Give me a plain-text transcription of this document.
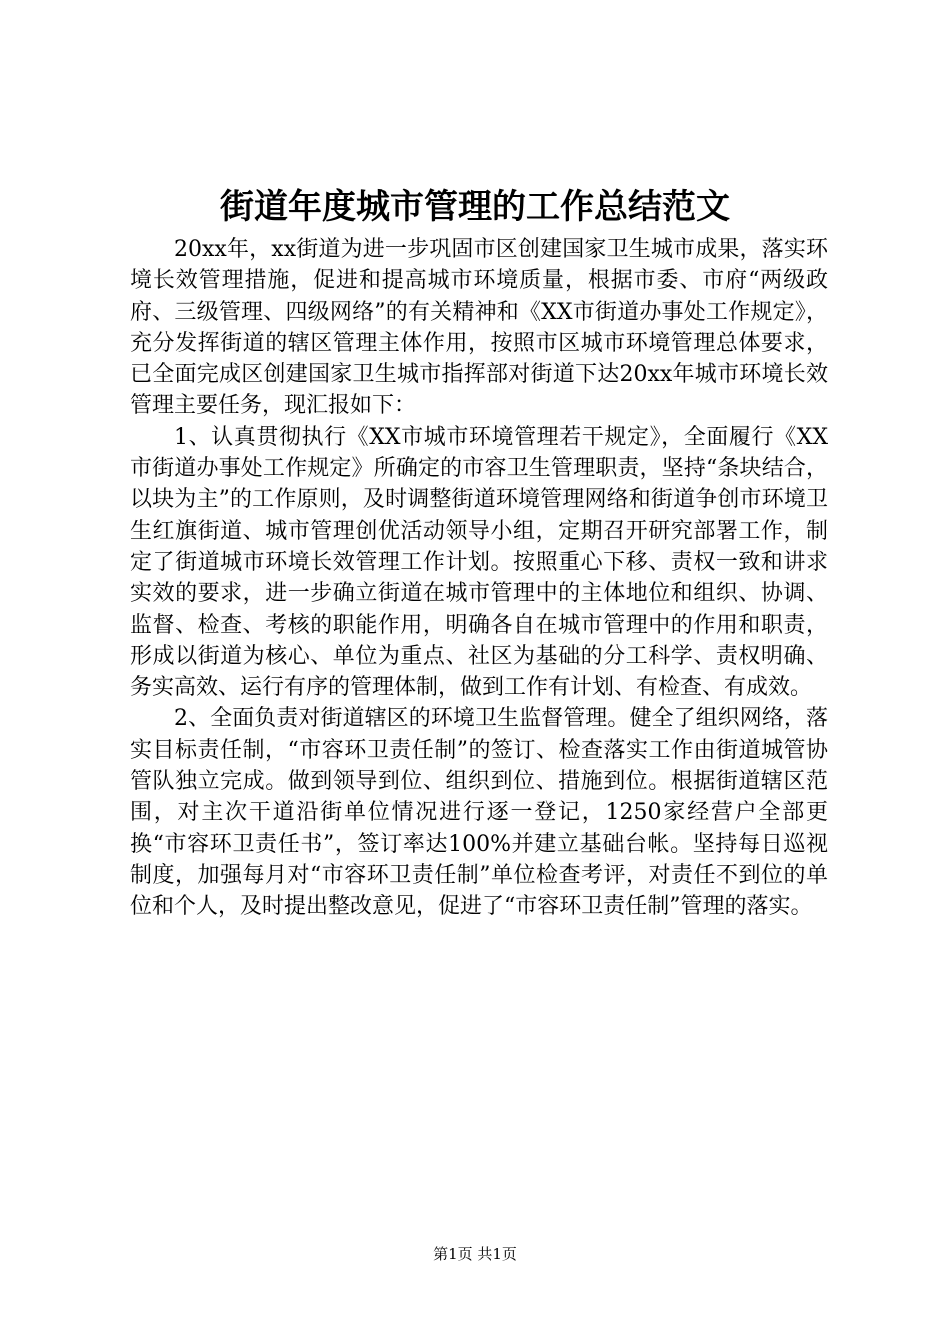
街道年度城市管理的工作总结范文

20xx年，xx街道为进一步巩固市区创建国家卫生城市成果，落实环境长效管理措施，促进和提高城市环境质量，根据市委、市府“两级政府、三级管理、四级网络”的有关精神和《XX市街道办事处工作规定》，充分发挥街道的辖区管理主体作用，按照市区城市环境管理总体要求，已全面完成区创建国家卫生城市指挥部对街道下达20xx年城市环境长效管理主要任务，现汇报如下：

1、认真贯彻执行《XX市城市环境管理若干规定》，全面履行《XX市街道办事处工作规定》所确定的市容卫生管理职责，坚持“条块结合，以块为主”的工作原则，及时调整街道环境管理网络和街道争创市环境卫生红旗街道、城市管理创优活动领导小组，定期召开研究部署工作，制定了街道城市环境长效管理工作计划。按照重心下移、责权一致和讲求实效的要求，进一步确立街道在城市管理中的主体地位和组织、协调、监督、检查、考核的职能作用，明确各自在城市管理中的作用和职责，形成以街道为核心、单位为重点、社区为基础的分工科学、责权明确、务实高效、运行有序的管理体制，做到工作有计划、有检查、有成效。

2、全面负责对街道辖区的环境卫生监督管理。健全了组织网络，落实目标责任制，“市容环卫责任制”的签订、检查落实工作由街道城管协管队独立完成。做到领导到位、组织到位、措施到位。根据街道辖区范围，对主次干道沿街单位情况进行逐一登记，1250家经营户全部更换“市容环卫责任书”，签订率达100%并建立基础台帐。坚持每日巡视制度，加强每月对“市容环卫责任制”单位检查考评，对责任不到位的单位和个人，及时提出整改意见，促进了“市容环卫责任制”管理的落实。

第1页 共1页
